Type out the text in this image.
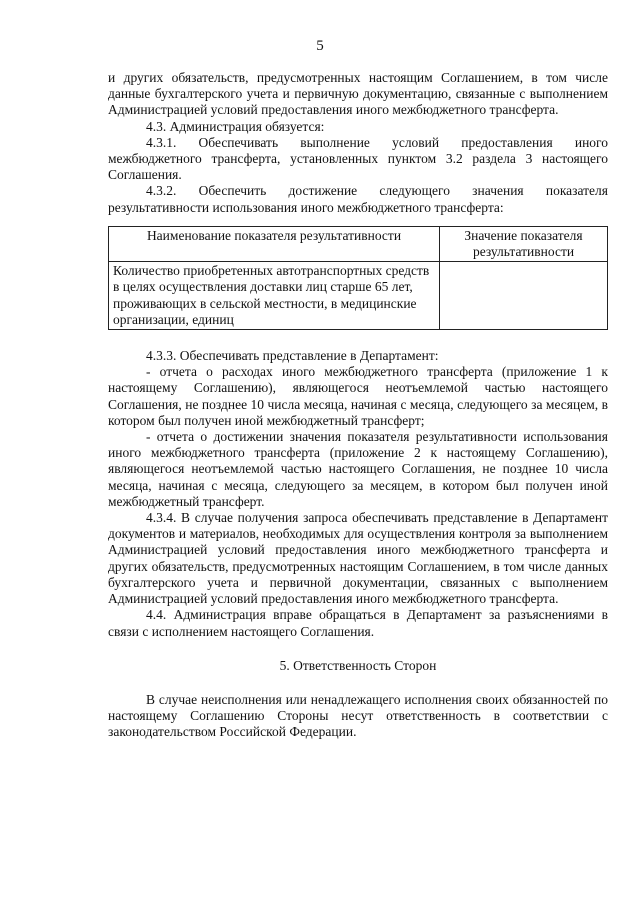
5

и других обязательств, предусмотренных настоящим Соглашением, в том числе данные бухгалтерского учета и первичную документацию, связанные с выполнением Администрацией условий предоставления иного межбюджетного трансферта.

4.3. Администрация обязуется:

4.3.1. Обеспечивать выполнение условий предоставления иного межбюджетного трансферта, установленных пунктом 3.2 раздела 3 настоящего Соглашения.

4.3.2. Обеспечить достижение следующего значения показателя результативности использования иного межбюджетного трансферта:

Наименование показателя результативности	Значение показателя результативности
Количество приобретенных автотранспортных средств в целях осуществления доставки лиц старше 65 лет, проживающих в сельской местности, в медицинские организации, единиц	

4.3.3. Обеспечивать представление в Департамент:

- отчета о расходах иного межбюджетного трансферта (приложение 1 к настоящему Соглашению), являющегося неотъемлемой частью настоящего Соглашения, не позднее 10 числа месяца, начиная с месяца, следующего за месяцем, в котором был получен иной межбюджетный трансферт;

- отчета о достижении значения показателя результативности использования иного межбюджетного трансферта (приложение 2 к настоящему Соглашению), являющегося неотъемлемой частью настоящего Соглашения, не позднее 10 числа месяца, начиная с месяца, следующего за месяцем, в котором был получен иной межбюджетный трансферт.

4.3.4. В случае получения запроса обеспечивать представление в Департамент документов и материалов, необходимых для осуществления контроля за выполнением Администрацией условий предоставления иного межбюджетного трансферта и других обязательств, предусмотренных настоящим Соглашением, в том числе данных бухгалтерского учета и первичной документации, связанных с выполнением Администрацией условий предоставления иного межбюджетного трансферта.

4.4. Администрация вправе обращаться в Департамент за разъяснениями в связи с исполнением настоящего Соглашения.

5. Ответственность Сторон

В случае неисполнения или ненадлежащего исполнения своих обязанностей по настоящему Соглашению Стороны несут ответственность в соответствии с законодательством Российской Федерации.
